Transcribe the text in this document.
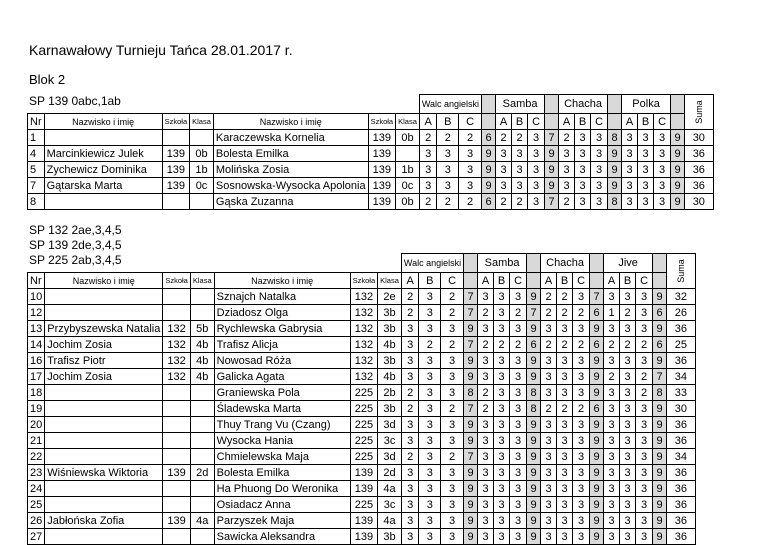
Karnawałowy Turnieju Tańca 28.01.2017 r.
Blok 2
SP 139 0abc,1ab
							Walc angielski				Samba				Chacha				Polka				Suma
Nr	Nazwisko i imię	Szkoła	Klasa	Nazwisko i imię	Szkoła	Klasa	A	B	C		A	B	C		A	B	C		A	B	C		
1				Karaczewska Kornelia	139	0b	2	2	2	6	2	2	3	7	2	3	3	8	3	3	3	9	30
4	Marcinkiewicz Julek	139	0b	Bolesta Emilka	139		3	3	3	9	3	3	3	9	3	3	3	9	3	3	3	9	36
5	Zychewicz Dominika	139	1b	Molińska Zosia	139	1b	3	3	3	9	3	3	3	9	3	3	3	9	3	3	3	9	36
7	Gątarska Marta	139	0c	Sosnowska-Wysocka Apolonia	139	0c	3	3	3	9	3	3	3	9	3	3	3	9	3	3	3	9	36
8				Gąska Zuzanna	139	0b	2	2	2	6	2	2	3	7	2	3	3	8	3	3	3	9	30
SP 132 2ae,3,4,5
SP 139 2de,3,4,5
SP 225 2ab,3,4,5
							Walc angielski				Samba				Chacha				Jive				Suma
Nr	Nazwisko i imię	Szkoła	Klasa	Nazwisko i imię	Szkoła	Klasa	A	B	C		A	B	C		A	B	C		A	B	C		
10				Sznajch Natalka	132	2e	2	3	2	7	3	3	3	9	2	2	3	7	3	3	3	9	32
12				Dziadosz Olga	132	3b	2	3	2	7	2	3	2	7	2	2	2	6	1	2	3	6	26
13	Przybyszewska Natalia	132	5b	Rychlewska Gabrysia	132	3b	3	3	3	9	3	3	3	9	3	3	3	9	3	3	3	9	36
14	Jochim Zosia	132	4b	Trafisz Alicja	132	4b	3	2	2	7	2	2	2	6	2	2	2	6	2	2	2	6	25
16	Trafisz Piotr	132	4b	Nowosad Róża	132	3b	3	3	3	9	3	3	3	9	3	3	3	9	3	3	3	9	36
17	Jochim Zosia	132	4b	Galicka Agata	132	4b	3	3	3	9	3	3	3	9	3	3	3	9	2	3	2	7	34
18				Graniewska Pola	225	2b	2	3	3	8	2	3	3	8	3	3	3	9	3	3	2	8	33
19				Śladewska Marta	225	3b	2	3	2	7	2	3	3	8	2	2	2	6	3	3	3	9	30
20				Thuy Trang Vu (Czang)	225	3d	3	3	3	9	3	3	3	9	3	3	3	9	3	3	3	9	36
21				Wysocka Hania	225	3c	3	3	3	9	3	3	3	9	3	3	3	9	3	3	3	9	36
22				Chmielewska Maja	225	3d	2	3	2	7	3	3	3	9	3	3	3	9	3	3	3	9	34
23	Wiśniewska Wiktoria	139	2d	Bolesta Emilka	139	2d	3	3	3	9	3	3	3	9	3	3	3	9	3	3	3	9	36
24				Ha Phuong Do Weronika	139	4a	3	3	3	9	3	3	3	9	3	3	3	9	3	3	3	9	36
25				Osiadacz Anna	225	3c	3	3	3	9	3	3	3	9	3	3	3	9	3	3	3	9	36
26	Jabłońska Zofia	139	4a	Parzyszek Maja	139	4a	3	3	3	9	3	3	3	9	3	3	3	9	3	3	3	9	36
27				Sawicka Aleksandra	139	3b	3	3	3	9	3	3	3	9	3	3	3	9	3	3	3	9	36
